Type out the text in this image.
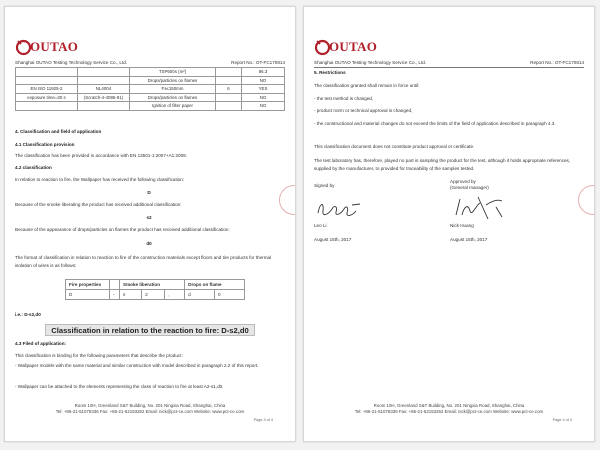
OUTAO
Shanghai OUTAO Testing Technology Service Co., Ltd.	Report No.: OT-FC170814
		TSP600s (m²)		86.3
		Drops/particles on flames		NO
EN ISO 11925-2	NL4004	Fs≤150mm	6	YES
exposure time=30 s	(Scratch-4-4095-91)	Drops/particles on flames		NO
		Ignition of filter paper		NO
4. Classification and field of application
4.1 Classification provision
The classification has been provided in accordance with EN 13501-1:2007+A1:2009.
4.2 classification
In relation to reaction to fire, the Wallpaper has received the following classification:
D
Because of the smoke liberating the product has received additional classification:
s2
Because of the appearance of drops/particles on flames the product has received additional classification:
d0
The format of classification in relation to reaction to fire of the construction materials except floors and tire products for thermal isolation of wires is as follows:
Fire properties		Smoke liberation			Drops on flame	
D	-	s	2	,	d	0
i.e.: D-s2,d0
Classification in relation to the reaction to fire: D-s2,d0
4.3 Filed of application:
This classification is binding for the following parameters that describe the product:
- Wallpaper models with the same material and similar construction with model described in paragraph 2.2 of this report.
- Wallpaper can be attached to the elements representing the class of reaction to fire at least A2-s1,d0.
Room 10H, Greenland S&T Building, No. 201 Ningxia Road, Shanghai, China
Tel: +86-21-51078336 Fax: +86-21-62153262 Email: nick@pct-ce.com Website: www.pct-ce.com
Page 3 of 4
OUTAO
Shanghai OUTAO Testing Technology Service Co., Ltd.	Report No.: OT-FC170814
5. Restrictions
The classification granted shall remain in force until:
- the test method is changed,
- product norm or technical approval is changed,
- the constructional and material changes do not exceed the limits of the field of application described in paragraph 4.3.
This classification document does not constitute product approval or certificate.
The test laboratory has, therefore, played no part in sampling the product for the test, although it holds appropriate references, supplied by the manufacturer, to provided for traceability of the samples tested.
Signed by
Approved by
(General manager)
Leo Li	Nick Huang
August 16th, 2017	August 16th, 2017
Room 10H, Greenland S&T Building, No. 201 Ningxia Road, Shanghai, China
Tel: +86-21-51078336 Fax: +86-21-62153262 Email: nick@pct-ce.com Website: www.pct-ce.com
Page 4 of 4
